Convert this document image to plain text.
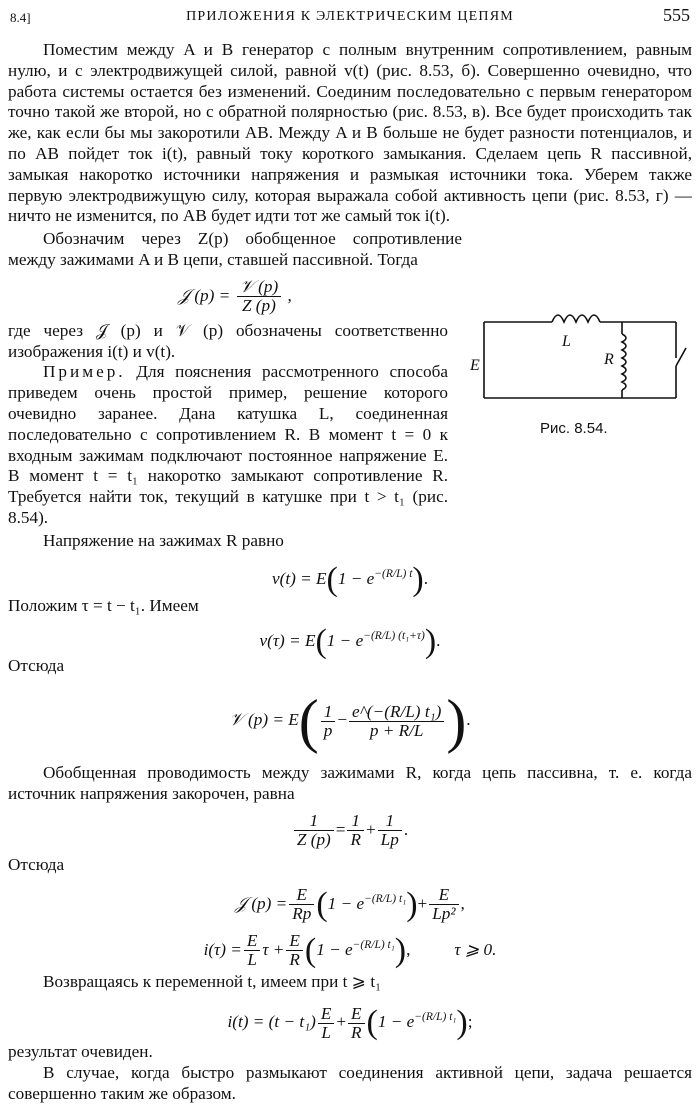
8.4]	ПРИЛОЖЕНИЯ К ЭЛЕКТРИЧЕСКИМ ЦЕПЯМ	555

Поместим между A и B генератор с полным внутренним сопротивлением, равным нулю, и с электродвижущей силой, равной v(t) (рис. 8.53, б). Совершенно очевидно, что работа системы остается без изменений. Соединим последовательно с первым генератором точно такой же второй, но с обратной полярностью (рис. 8.53, в). Все будет происходить так же, как если бы мы закоротили AB. Между A и B больше не будет разности потенциалов, и по AB пойдет ток i(t), равный току короткого замыкания. Сделаем цепь R пассивной, замыкая накоротко источники напряжения и размыкая источники тока. Уберем также первую электродвижущую силу, которая выражала собой активность цепи (рис. 8.53, г) — ничто не изменится, по AB будет идти тот же самый ток i(t).

Обозначим через Z(p) обобщенное сопротивление между зажимами A и B цепи, ставшей пассивной. Тогда

𝒥 $(p) = \frac{\text{𝒱 (p)}}{Z (p)}$ ,

где через 𝒥 (p) и 𝒱 (p) обозначены соответственно изображения i(t) и v(t).

Пример. Для пояснения рассмотренного способа приведем очень простой пример, решение которого очевидно заранее. Дана катушка L, соединенная последовательно с сопротивлением R. В момент t = 0 к входным зажимам подключают постоянное напряжение E. В момент t = t₁ накоротко замыкают сопротивление R. Требуется найти ток, текущий в катушке при t > t₁ (рис. 8.54).

Напряжение на зажимах R равно

$v(t) = E(1 - e^{-(R/L) t})$.

Положим τ = t − t₁. Имеем

$v(\tau) = E(1 - e^{-(R/L) (t_1+\tau)})$.

Отсюда

𝒱 $(p) = E( \frac{1}{p} - \frac{\text{e\textasciicircum{}(−(R/L) t₁)}}{p + R/L}$ ).

Обобщенная проводимость между зажимами R, когда цепь пассивна, т. е. когда источник напряжения закорочен, равна

$\frac{1}{Z (p)} = \frac{1}{R} + \frac{1}{Lp}$ .

Отсюда

𝒥 $(p) = \frac{E}{Rp} (1 - e^{-(R/L) t_1})+ \frac{E}{\text{Lp²}}$ ,
$i(\tau) = \frac{E}{L}$ $\tau + \frac{E}{R} (1 - e^{-(R/L) t_1})$,	τ ⩾ 0.

Возвращаясь к переменной t, имеем при t ⩾ t₁

$i(t) = (t - t_1) \frac{E}{L} + \frac{E}{R} (1 - e^{-(R/L) t_1})$;

результат очевиден.

В случае, когда быстро размыкают соединения активной цепи, задача решается совершенно таким же образом.

L
R
E
Рис. 8.54.
